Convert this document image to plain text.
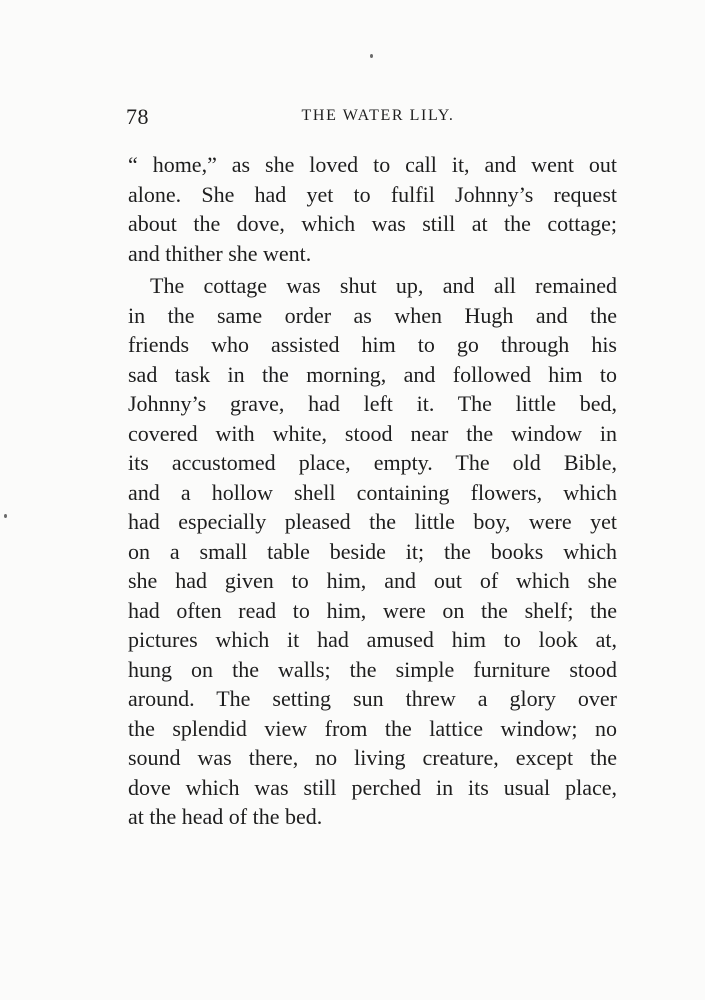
78	THE WATER LILY.

“ home,” as she loved to call it, and went out
alone. She had yet to fulfil Johnny’s request
about the dove, which was still at the cottage;
and thither she went.

The cottage was shut up, and all remained
in the same order as when Hugh and the
friends who assisted him to go through his
sad task in the morning, and followed him to
Johnny’s grave, had left it. The little bed,
covered with white, stood near the window in
its accustomed place, empty. The old Bible,
and a hollow shell containing flowers, which
had especially pleased the little boy, were yet
on a small table beside it; the books which
she had given to him, and out of which she
had often read to him, were on the shelf; the
pictures which it had amused him to look at,
hung on the walls; the simple furniture stood
around. The setting sun threw a glory over
the splendid view from the lattice window; no
sound was there, no living creature, except the
dove which was still perched in its usual place,
at the head of the bed.
